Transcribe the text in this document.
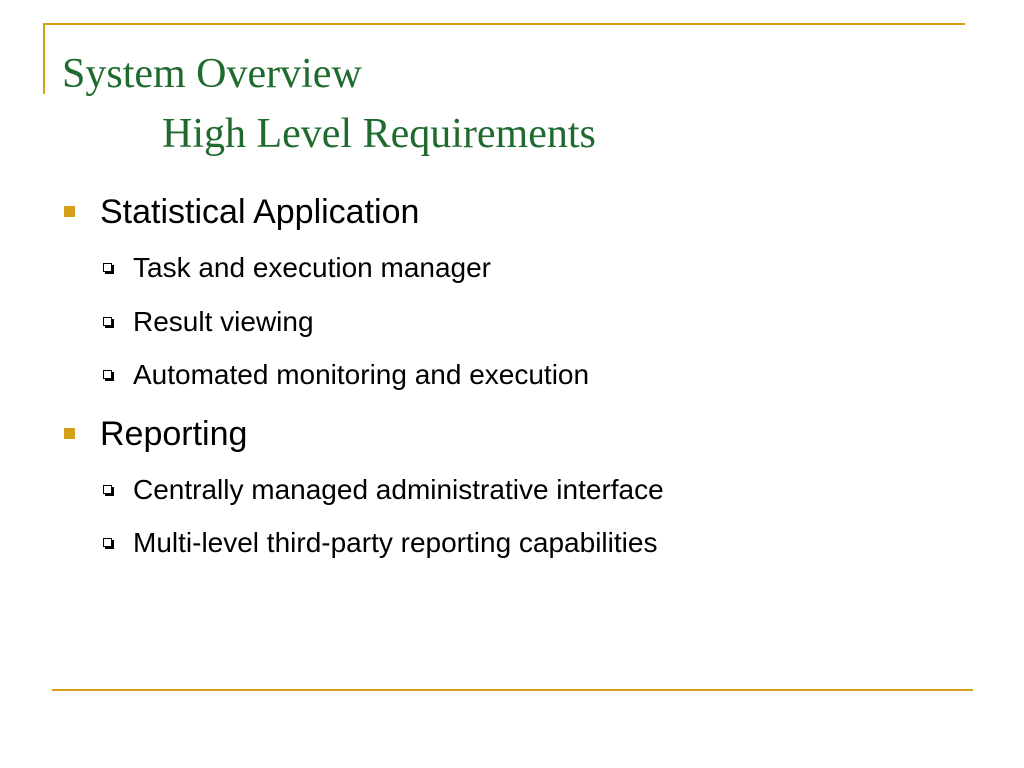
System Overview
High Level Requirements
Statistical Application
Task and execution manager
Result viewing
Automated monitoring and execution
Reporting
Centrally managed administrative interface
Multi-level third-party reporting capabilities
